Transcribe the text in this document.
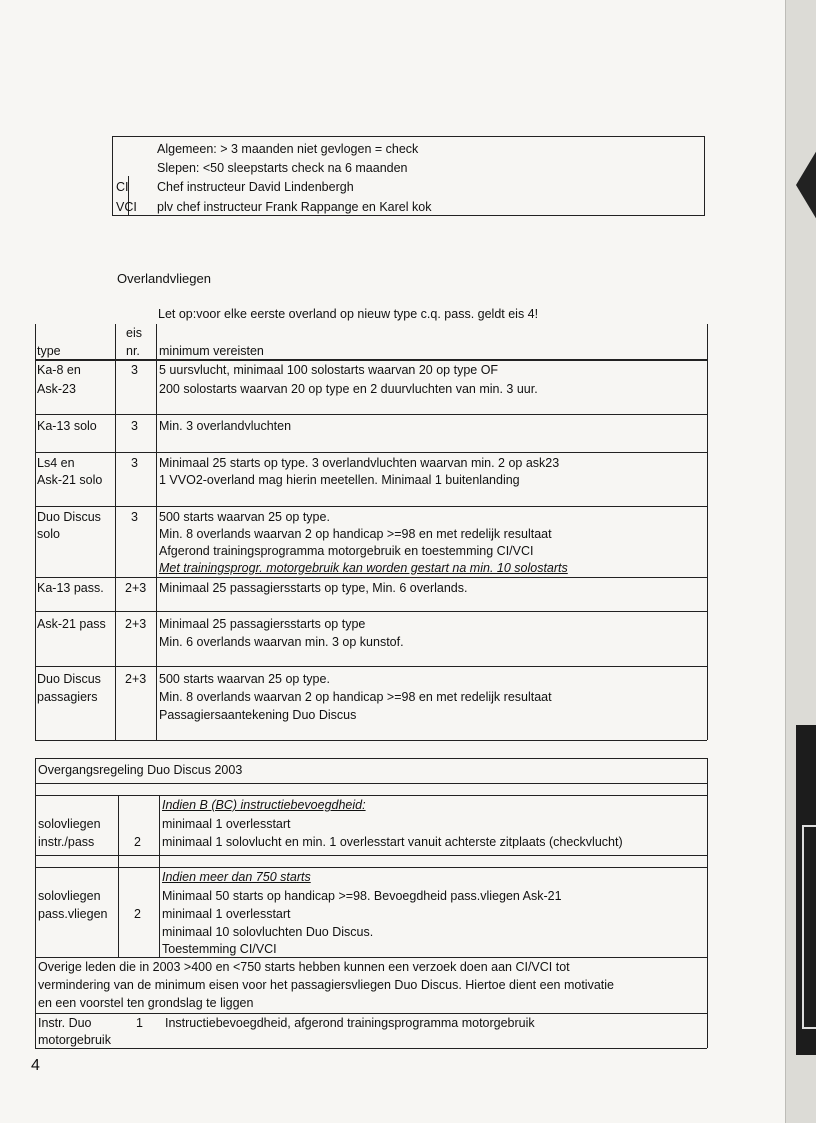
Algemeen: > 3 maanden niet gevlogen = check
Slepen: <50 sleepstarts check na 6 maanden
CI Chef instructeur David Lindenbergh
VCI plv chef instructeur Frank Rappange en Karel kok
Overlandvliegen
Let op:voor elke eerste overland op nieuw type c.q. pass. geldt eis 4!
type
eis
nr. minimum vereisten
Ka-8 en
Ask-23
3 5 uursvlucht, minimaal 100 solostarts waarvan 20 op type OF
200 solostarts waarvan 20 op type en 2 duurvluchten van min. 3 uur.
Ka-13 solo	3 Min. 3 overlandvluchten
Ls4 en
Ask-21 solo
3 Minimaal 25 starts op type. 3 overlandvluchten waarvan min. 2 op ask23
1 VVO2-overland mag hierin meetellen. Minimaal 1 buitenlanding
Duo Discus
solo
3 500 starts waarvan 25 op type.
Min. 8 overlands waarvan 2 op handicap >=98 en met redelijk resultaat
Afgerond trainingsprogramma motorgebruik en toestemming CI/VCI
Met trainingsprogr. motorgebruik kan worden gestart na min. 10 solostarts
Ka-13 pass. 2+3 Minimaal 25 passagiersstarts op type, Min. 6 overlands.
Ask-21 pass 2+3 Minimaal 25 passagiersstarts op type
Min. 6 overlands waarvan min. 3 op kunstof.
Duo Discus
passagiers
2+3 500 starts waarvan 25 op type.
Min. 8 overlands waarvan 2 op handicap >=98 en met redelijk resultaat
Passagiersaantekening Duo Discus
Overgangsregeling Duo Discus 2003
Indien B (BC) instructiebevoegdheid:
solovliegen
instr./pass	2
minimaal 1 overlesstart
minimaal 1 solovlucht en min. 1 overlesstart vanuit achterste zitplaats (checkvlucht)
Indien meer dan 750 starts
solovliegen
pass.vliegen 2
Minimaal 50 starts op handicap >=98. Bevoegdheid pass.vliegen Ask-21
minimaal 1 overlesstart
minimaal 10 solovluchten Duo Discus.
Toestemming CI/VCI
Overige leden die in 2003 >400 en <750 starts hebben kunnen een verzoek doen aan CI/VCI tot
vermindering van de minimum eisen voor het passagiersvliegen Duo Discus. Hiertoe dient een motivatie
en een voorstel ten grondslag te liggen
Instr. Duo
motorgebruik
1 Instructiebevoegdheid, afgerond trainingsprogramma motorgebruik
4
